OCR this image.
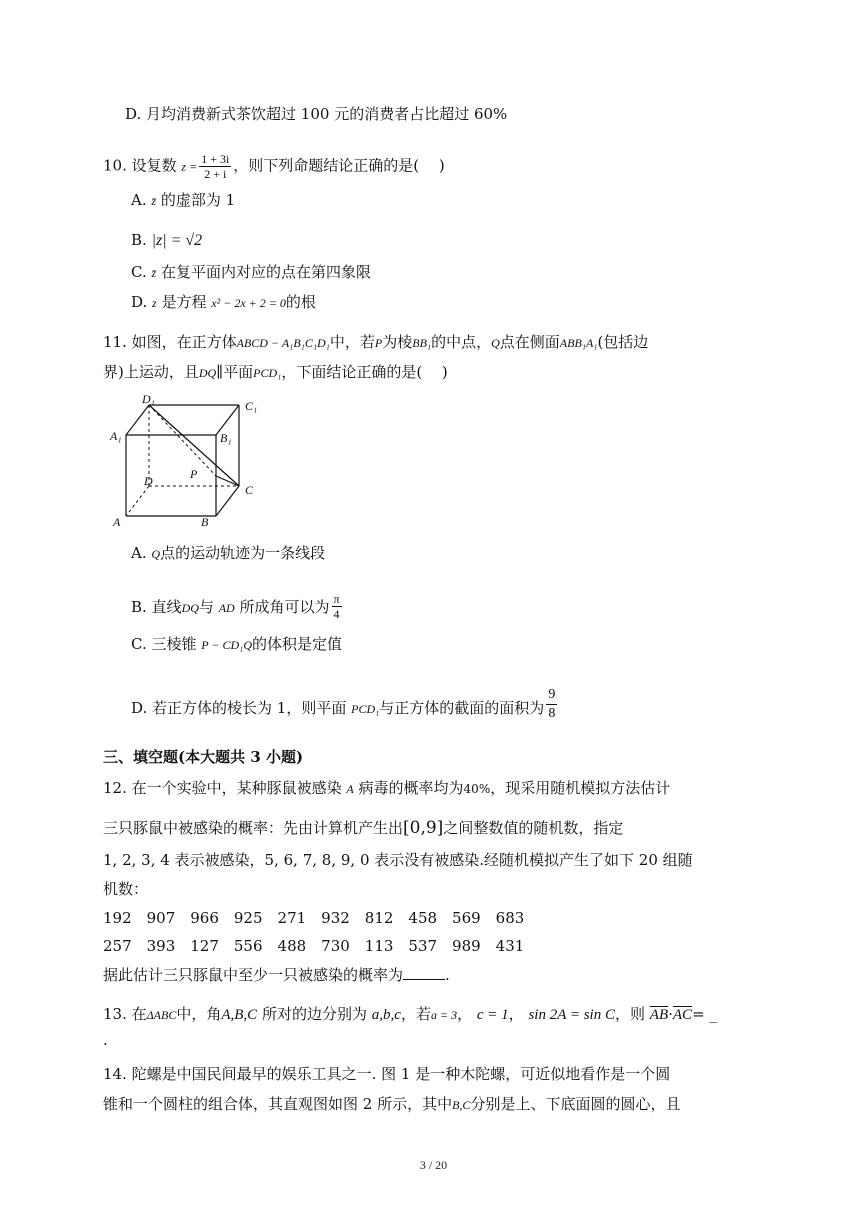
D. 月均消费新式茶饮超过 100 元的消费者占比超过 60%
10. 设复数 $z = \frac{1 + 3i}{2 + i}$ ，则下列命题结论正确的是(　 )
A. z̄ 的虚部为 1
B. |z| = √2
C. z̄ 在复平面内对应的点在第四象限
D. z 是方程 x² − 2x + 2 = 0的根
11. 如图，在正方体ABCD − A₁B₁C₁D₁中，若P为棱BB₁的中点，Q点在侧面ABB₁A₁(包括边
界)上运动，且DQ∥平面PCD₁，下面结论正确的是(　 )
D₁	C₁
A₁	B₁
P
D
C
A	B
A. Q点的运动轨迹为一条线段
B. 直线DQ与 AD 所成角可以为 $\frac{\pi}{4}$
C. 三棱锥 P − CD₁Q的体积是定值
D. 若正方体的棱长为 1，则平面 PCD₁与正方体的截面的面积为 $\frac{9}{8}$
三、填空题(本大题共 3 小题)
12. 在一个实验中，某种豚鼠被感染 A 病毒的概率均为40%，现采用随机模拟方法估计
三只豚鼠中被感染的概率：先由计算机产生出[0,9]之间整数值的随机数，指定
1, 2, 3, 4 表示被感染，5, 6, 7, 8, 9, 0 表示没有被感染.经随机模拟产生了如下 20 组随
机数：
192　907　966　925　271　932　812　458　569　683
257　393　127　556　488　730　113　537　989　431
据此估计三只豚鼠中至少一只被感染的概率为	.
13. 在ΔABC中，角A,B,C 所对的边分别为 a,b,c，若a = 3， c = 1， sin 2A = sin C，则 $\overline{AB}\cdot\overline{AC}=$ _
.
14. 陀螺是中国民间最早的娱乐工具之一. 图 1 是一种木陀螺，可近似地看作是一个圆
锥和一个圆柱的组合体，其直观图如图 2 所示，其中B,C分别是上、下底面圆的圆心，且
3 / 20
